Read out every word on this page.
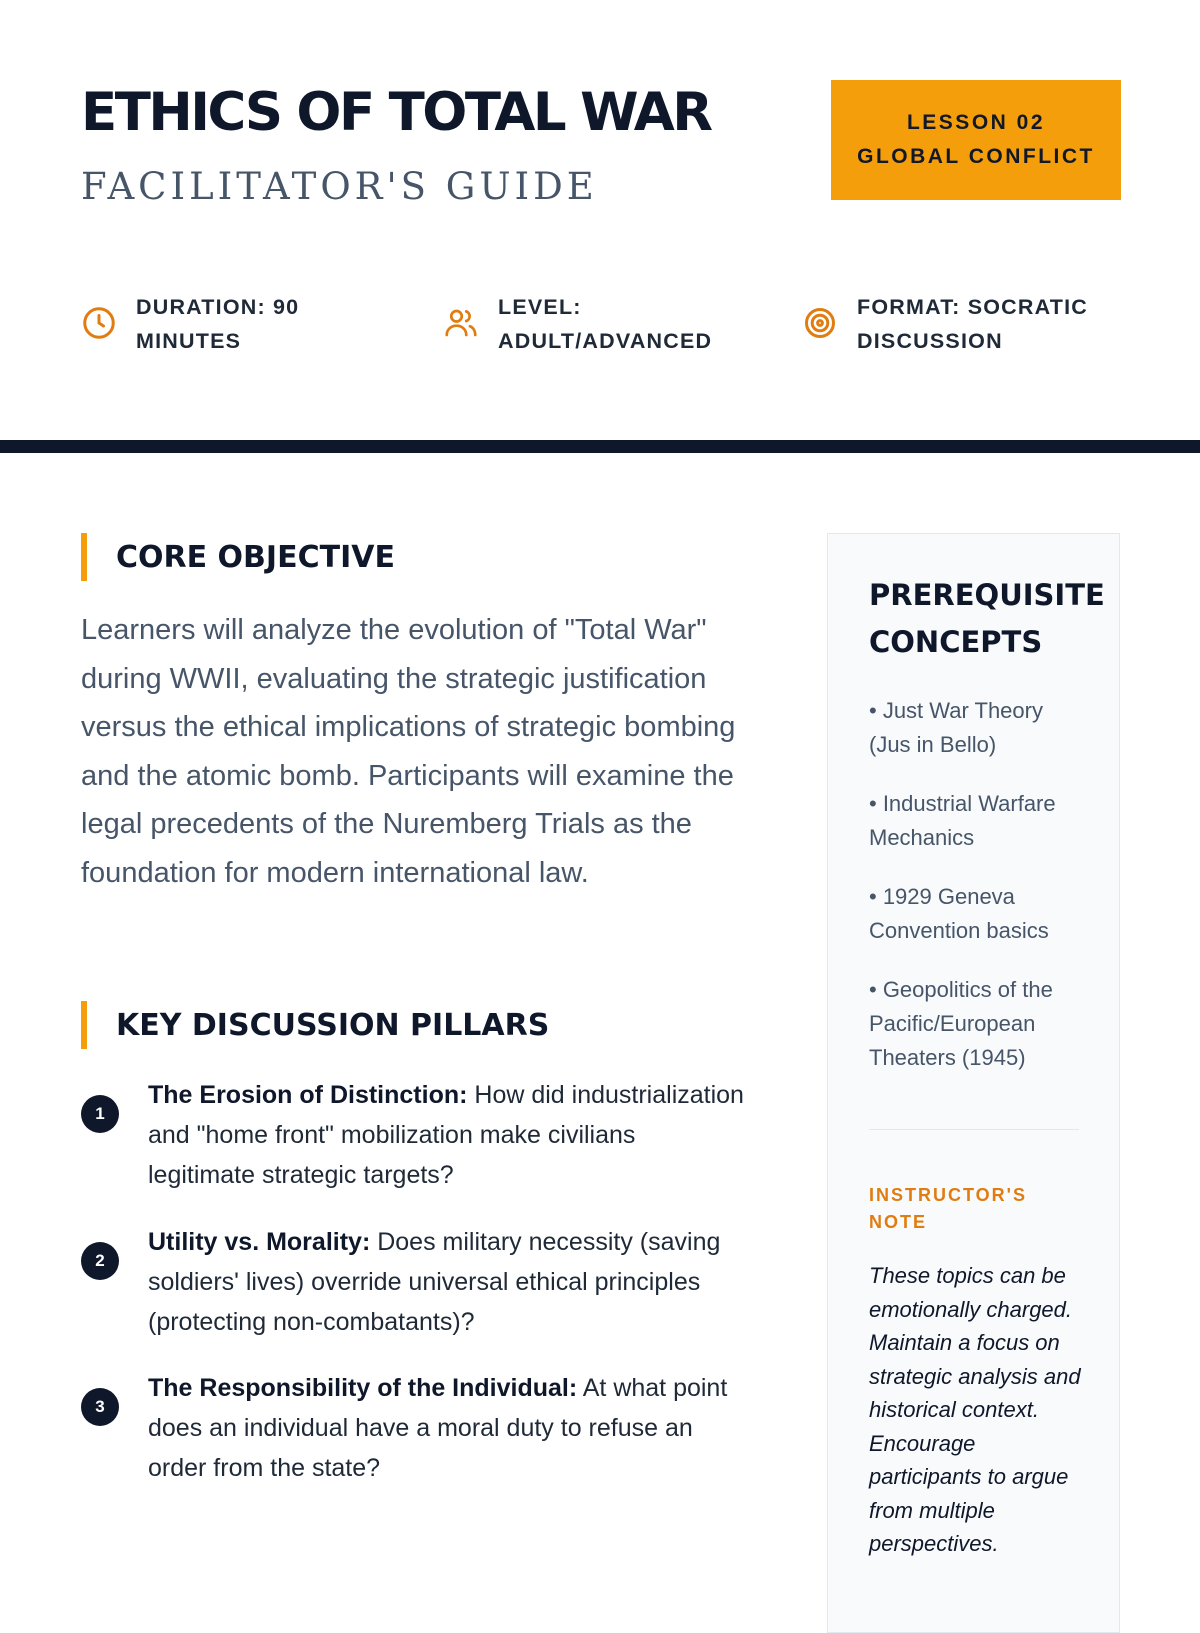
ETHICS OF TOTAL WAR
FACILITATOR'S GUIDE
LESSON 02
GLOBAL CONFLICT
DURATION: 90
MINUTES
LEVEL:
ADULT/ADVANCED
FORMAT: SOCRATIC
DISCUSSION
CORE OBJECTIVE

Learners will analyze the evolution of "Total War" during WWII, evaluating the strategic justification versus the ethical implications of strategic bombing and the atomic bomb. Participants will examine the legal precedents of the Nuremberg Trials as the foundation for modern international law.

KEY DISCUSSION PILLARS
1
The Erosion of Distinction: How did industrialization and "home front" mobilization make civilians legitimate strategic targets?
2
Utility vs. Morality: Does military necessity (saving soldiers' lives) override universal ethical principles (protecting non-combatants)?
3
The Responsibility of the Individual: At what point does an individual have a moral duty to refuse an order from the state?
PREREQUISITE
CONCEPTS
• Just War Theory (Jus in Bello)
• Industrial Warfare Mechanics
• 1929 Geneva Convention basics
• Geopolitics of the Pacific/European Theaters (1945)
INSTRUCTOR'S NOTE
These topics can be emotionally charged. Maintain a focus on strategic analysis and historical context. Encourage participants to argue from multiple perspectives.
